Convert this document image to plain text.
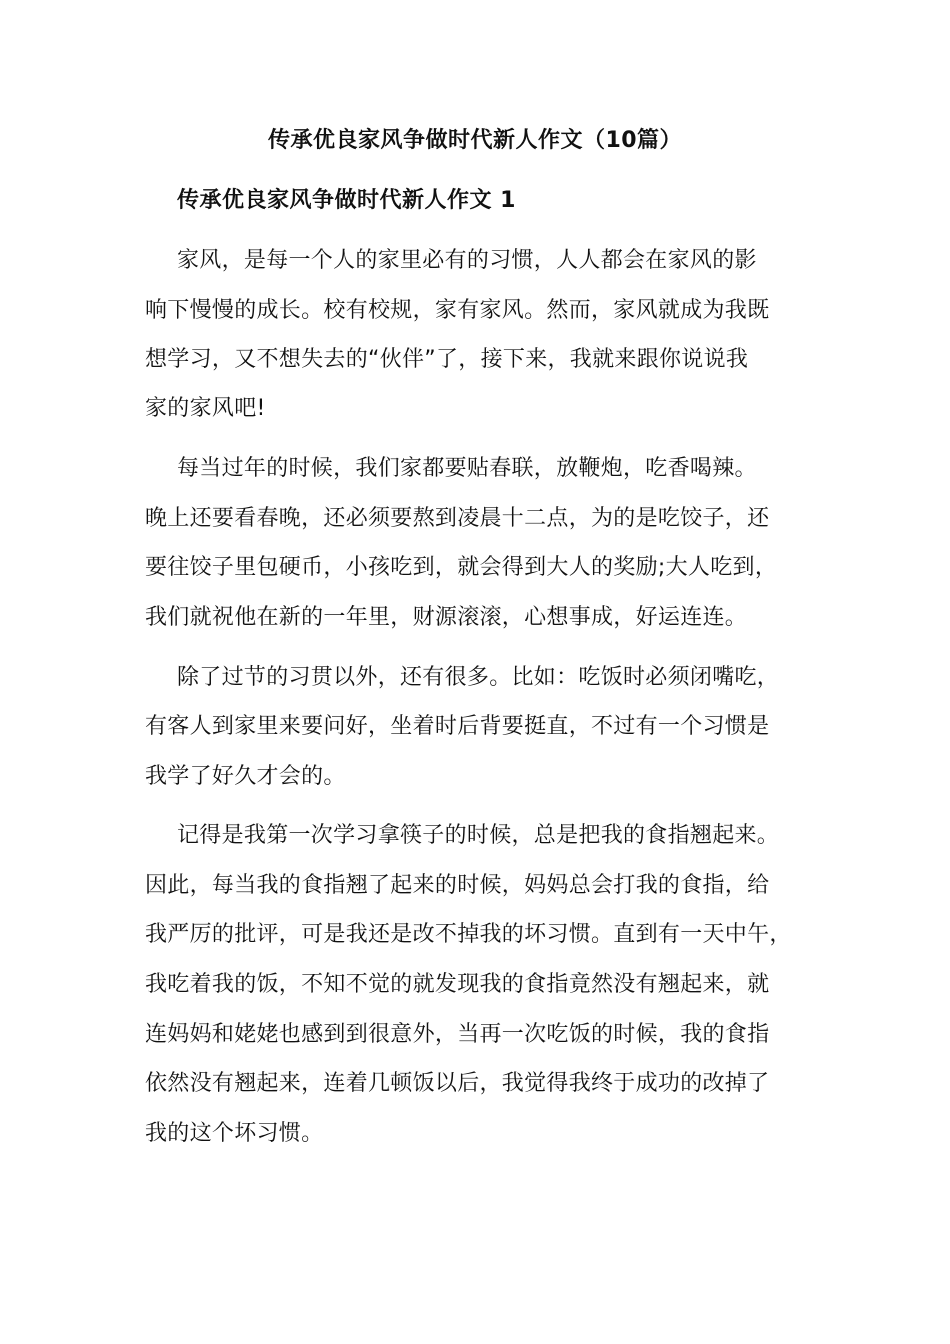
传承优良家风争做时代新人作文（10篇）
传承优良家风争做时代新人作文 1
家风，是每一个人的家里必有的习惯，人人都会在家风的影
响下慢慢的成长。校有校规，家有家风。然而，家风就成为我既
想学习，又不想失去的“伙伴”了，接下来，我就来跟你说说我
家的家风吧!
每当过年的时候，我们家都要贴春联，放鞭炮，吃香喝辣。
晚上还要看春晚，还必须要熬到凌晨十二点，为的是吃饺子，还
要往饺子里包硬币，小孩吃到，就会得到大人的奖励;大人吃到，
我们就祝他在新的一年里，财源滚滚，心想事成，好运连连。
除了过节的习贯以外，还有很多。比如：吃饭时必须闭嘴吃，
有客人到家里来要问好，坐着时后背要挺直，不过有一个习惯是
我学了好久才会的。
记得是我第一次学习拿筷子的时候，总是把我的食指翘起来。
因此，每当我的食指翘了起来的时候，妈妈总会打我的食指，给
我严厉的批评，可是我还是改不掉我的坏习惯。直到有一天中午，
我吃着我的饭，不知不觉的就发现我的食指竟然没有翘起来，就
连妈妈和姥姥也感到到很意外，当再一次吃饭的时候，我的食指
依然没有翘起来，连着几顿饭以后，我觉得我终于成功的改掉了
我的这个坏习惯。
